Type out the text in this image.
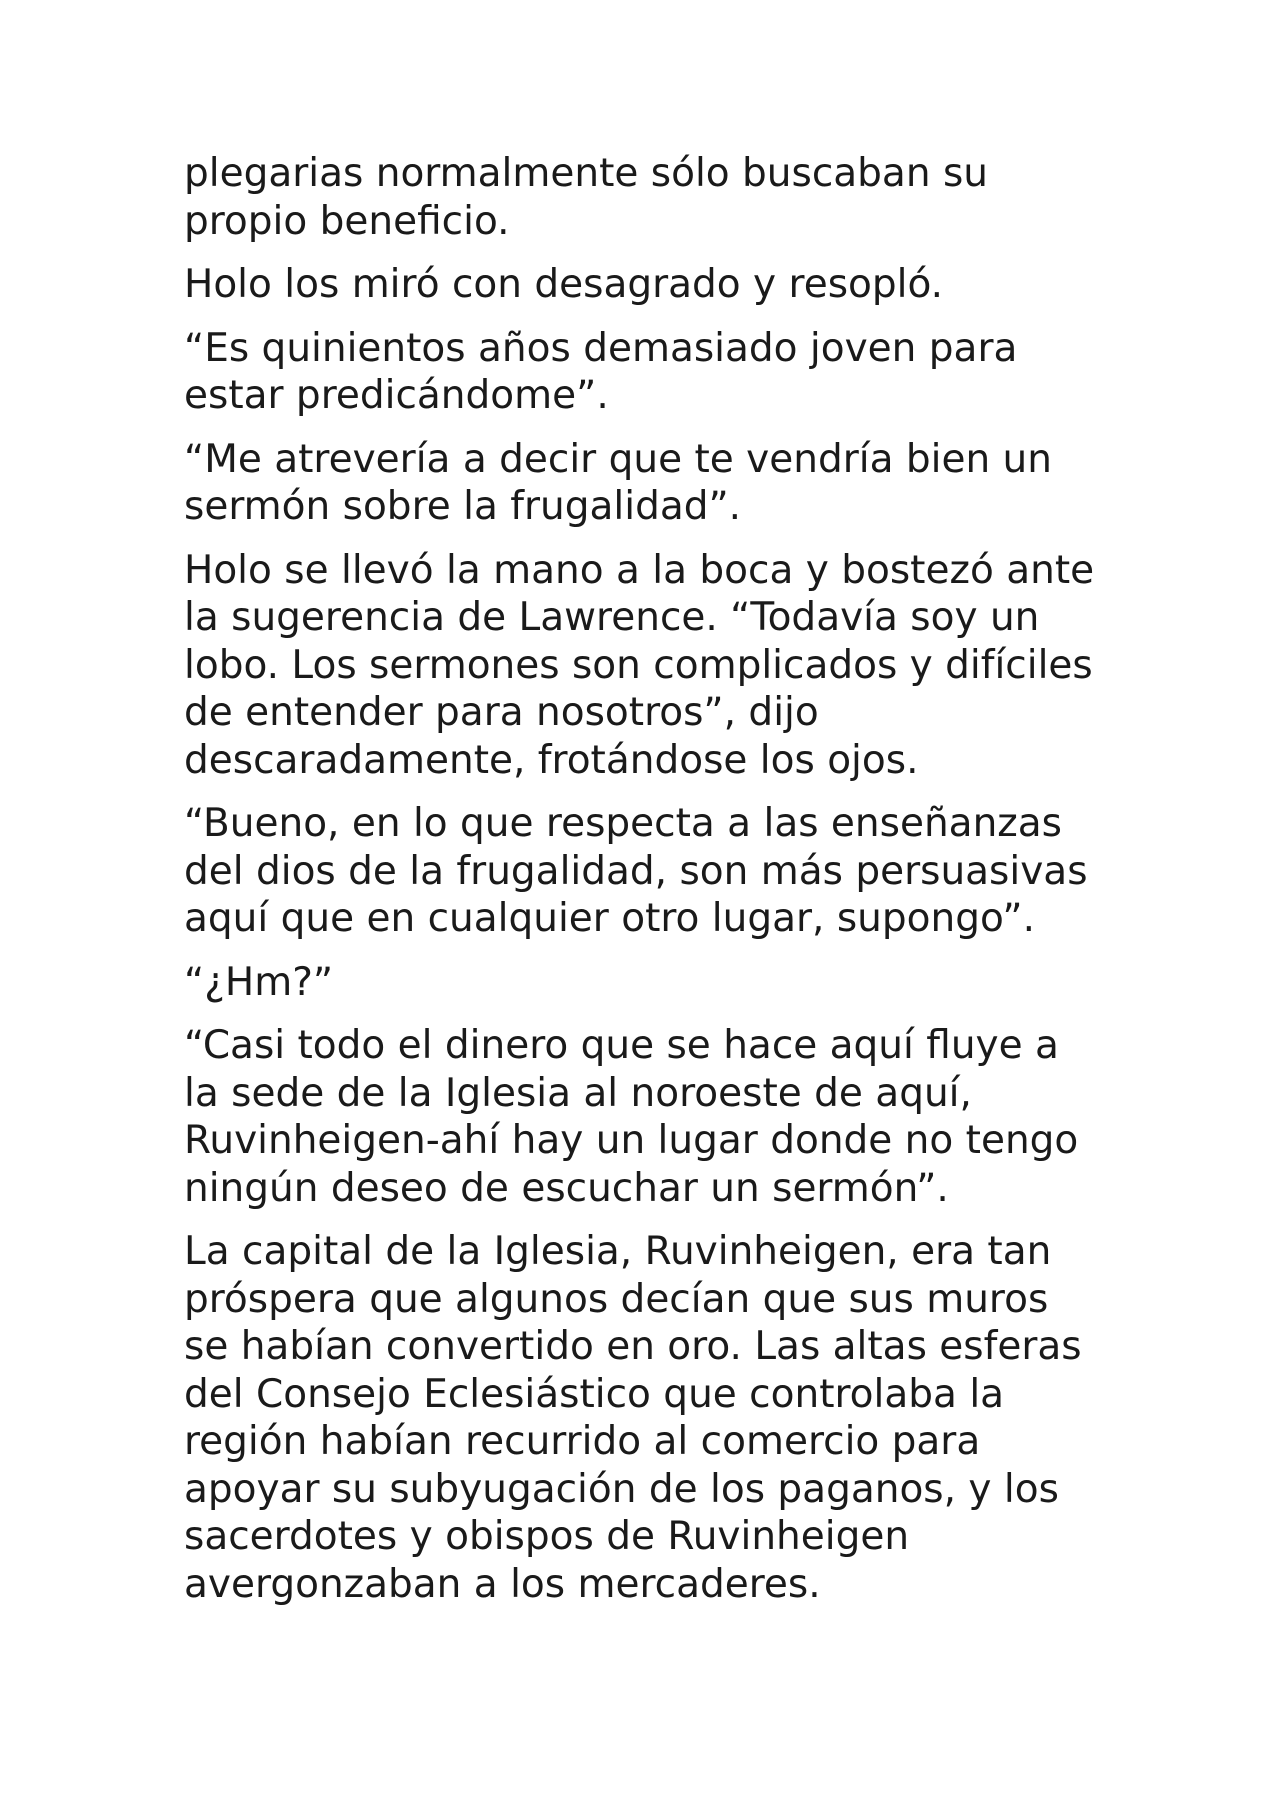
plegarias normalmente sólo buscaban su propio beneficio.

Holo los miró con desagrado y resopló.

“Es quinientos años demasiado joven para estar predicándome”.

“Me atrevería a decir que te vendría bien un sermón sobre la frugalidad”.

Holo se llevó la mano a la boca y bostezó ante la sugerencia de Lawrence. “Todavía soy un lobo. Los sermones son complicados y difíciles de entender para nosotros”, dijo descaradamente, frotándose los ojos.

“Bueno, en lo que respecta a las enseñanzas del dios de la frugalidad, son más persuasivas aquí que en cualquier otro lugar, supongo”.

“¿Hm?”

“Casi todo el dinero que se hace aquí fluye a la sede de la Iglesia al noroeste de aquí, Ruvinheigen-ahí hay un lugar donde no tengo ningún deseo de escuchar un sermón”.

La capital de la Iglesia, Ruvinheigen, era tan próspera que algunos decían que sus muros se habían convertido en oro. Las altas esferas del Consejo Eclesiástico que controlaba la región habían recurrido al comercio para apoyar su subyugación de los paganos, y los sacerdotes y obispos de Ruvinheigen avergonzaban a los mercaderes.
